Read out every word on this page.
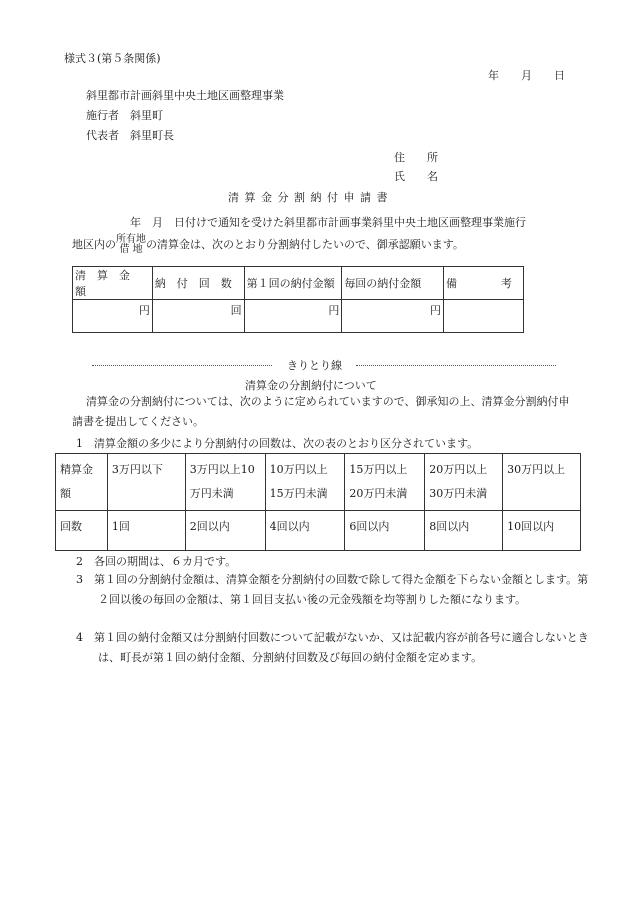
様式３(第５条関係)
年　　月　　日
斜里都市計画斜里中央土地区画整理事業
施行者　斜里町
代表者　斜里町長
住　　所
氏　　名
清 算 金 分 割 納 付 申 請 書
年　月　日付けで通知を受けた斜里都市計画事業斜里中央土地区画整理事業施行
地区内の所有地
借 地 の清算金は、次のとおり分割納付したいので、御承認願います。
清　算　金　額	納　付　回　数	第１回の納付金額	毎回の納付金額	備　　　　考
円	回	円	円	
きりとり線
清算金の分割納付について
清算金の分割納付については、次のように定められていますので、御承知の上、清算金分割納付申請書を提出してください。
1　清算金額の多少により分割納付の回数は、次の表のとおり区分されています。
精算金額	3万円以下	3万円以上10万円未満	10万円以上15万円未満	15万円以上20万円未満	20万円以上30万円未満	30万円以上
回数	1回	2回以内	4回以内	6回以内	8回以内	10回以内
2　各回の期間は、６カ月です。
3　第１回の分割納付金額は、清算金額を分割納付の回数で除して得た金額を下らない金額とします。第２回以後の毎回の金額は、第１回目支払い後の元金残額を均等割りした額になります。
4　第１回の納付金額又は分割納付回数について記載がないか、又は記載内容が前各号に適合しないときは、町長が第１回の納付金額、分割納付回数及び毎回の納付金額を定めます。
